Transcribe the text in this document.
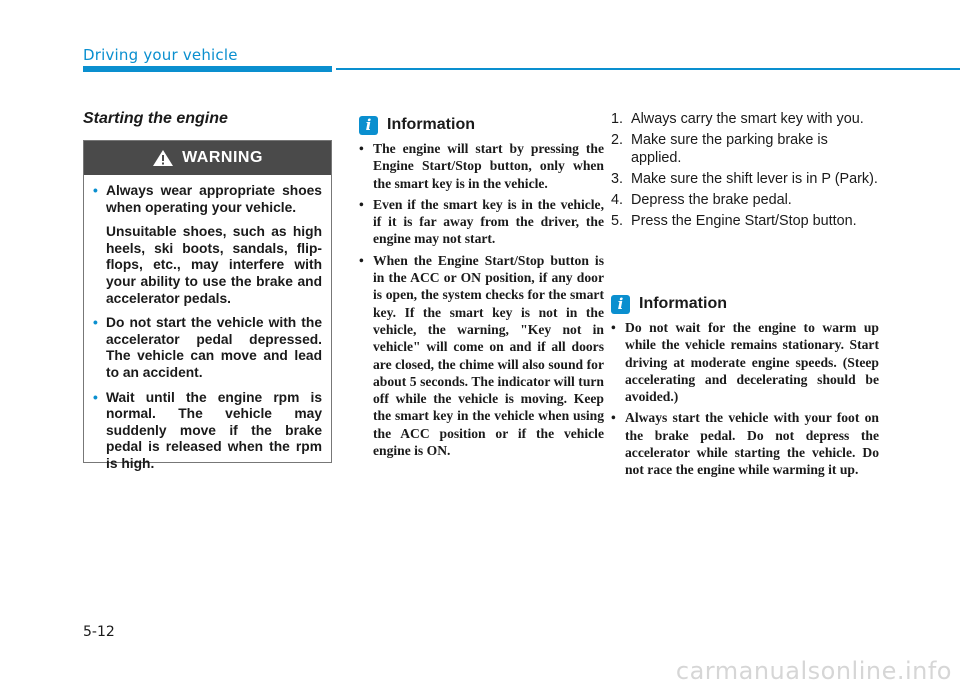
Driving your vehicle
Starting the engine
WARNING
• Always wear appropriate shoes when operating your vehicle.
Unsuitable shoes, such as high heels, ski boots, sandals, flip-flops, etc., may interfere with your ability to use the brake and accelerator pedals.
• Do not start the vehicle with the accelerator pedal depressed. The vehicle can move and lead to an accident.
• Wait until the engine rpm is normal. The vehicle may suddenly move if the brake pedal is released when the rpm is high.
i Information
• The engine will start by pressing the Engine Start/Stop button, only when the smart key is in the vehicle.
• Even if the smart key is in the vehicle, if it is far away from the driver, the engine may not start.
• When the Engine Start/Stop button is in the ACC or ON position, if any door is open, the system checks for the smart key. If the smart key is not in the vehicle, the warning, "Key not in vehicle" will come on and if all doors are closed, the chime will also sound for about 5 seconds. The indicator will turn off while the vehicle is moving. Keep the smart key in the vehicle when using the ACC position or if the vehicle engine is ON.
1. Always carry the smart key with you.
2. Make sure the parking brake is applied.
3. Make sure the shift lever is in P (Park).
4. Depress the brake pedal.
5. Press the Engine Start/Stop button.
i Information
• Do not wait for the engine to warm up while the vehicle remains stationary. Start driving at moderate engine speeds. (Steep accelerating and decelerating should be avoided.)
• Always start the vehicle with your foot on the brake pedal. Do not depress the accelerator while starting the vehicle. Do not race the engine while warming it up.
5-12
carmanualsonline.info
